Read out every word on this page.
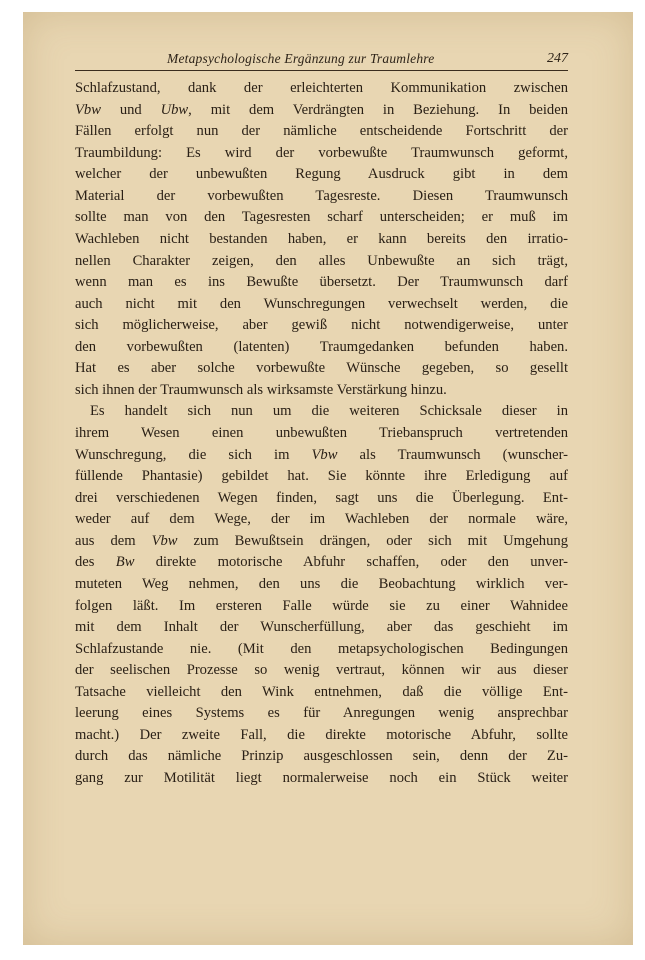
Metapsychologische Ergänzung zur Traumlehre	247
Schlafzustand, dank der erleichterten Kommunikation zwischen
Vbw und Ubw, mit dem Verdrängten in Beziehung. In beiden
Fällen erfolgt nun der nämliche entscheidende Fortschritt der
Traumbildung: Es wird der vorbewußte Traumwunsch geformt,
welcher der unbewußten Regung Ausdruck gibt in dem
Material der vorbewußten Tagesreste. Diesen Traumwunsch
sollte man von den Tagesresten scharf unterscheiden; er muß im
Wachleben nicht bestanden haben, er kann bereits den irratio-
nellen Charakter zeigen, den alles Unbewußte an sich trägt,
wenn man es ins Bewußte übersetzt. Der Traumwunsch darf
auch nicht mit den Wunschregungen verwechselt werden, die
sich möglicherweise, aber gewiß nicht notwendigerweise, unter
den vorbewußten (latenten) Traumgedanken befunden haben.
Hat es aber solche vorbewußte Wünsche gegeben, so gesellt
sich ihnen der Traumwunsch als wirksamste Verstärkung hinzu.
Es handelt sich nun um die weiteren Schicksale dieser in
ihrem Wesen einen unbewußten Triebanspruch vertretenden
Wunschregung, die sich im Vbw als Traumwunsch (wunscher-
füllende Phantasie) gebildet hat. Sie könnte ihre Erledigung auf
drei verschiedenen Wegen finden, sagt uns die Überlegung. Ent-
weder auf dem Wege, der im Wachleben der normale wäre,
aus dem Vbw zum Bewußtsein drängen, oder sich mit Umgehung
des Bw direkte motorische Abfuhr schaffen, oder den unver-
muteten Weg nehmen, den uns die Beobachtung wirklich ver-
folgen läßt. Im ersteren Falle würde sie zu einer Wahnidee
mit dem Inhalt der Wunscherfüllung, aber das geschieht im
Schlafzustande nie. (Mit den metapsychologischen Bedingungen
der seelischen Prozesse so wenig vertraut, können wir aus dieser
Tatsache vielleicht den Wink entnehmen, daß die völlige Ent-
leerung eines Systems es für Anregungen wenig ansprechbar
macht.) Der zweite Fall, die direkte motorische Abfuhr, sollte
durch das nämliche Prinzip ausgeschlossen sein, denn der Zu-
gang zur Motilität liegt normalerweise noch ein Stück weiter
